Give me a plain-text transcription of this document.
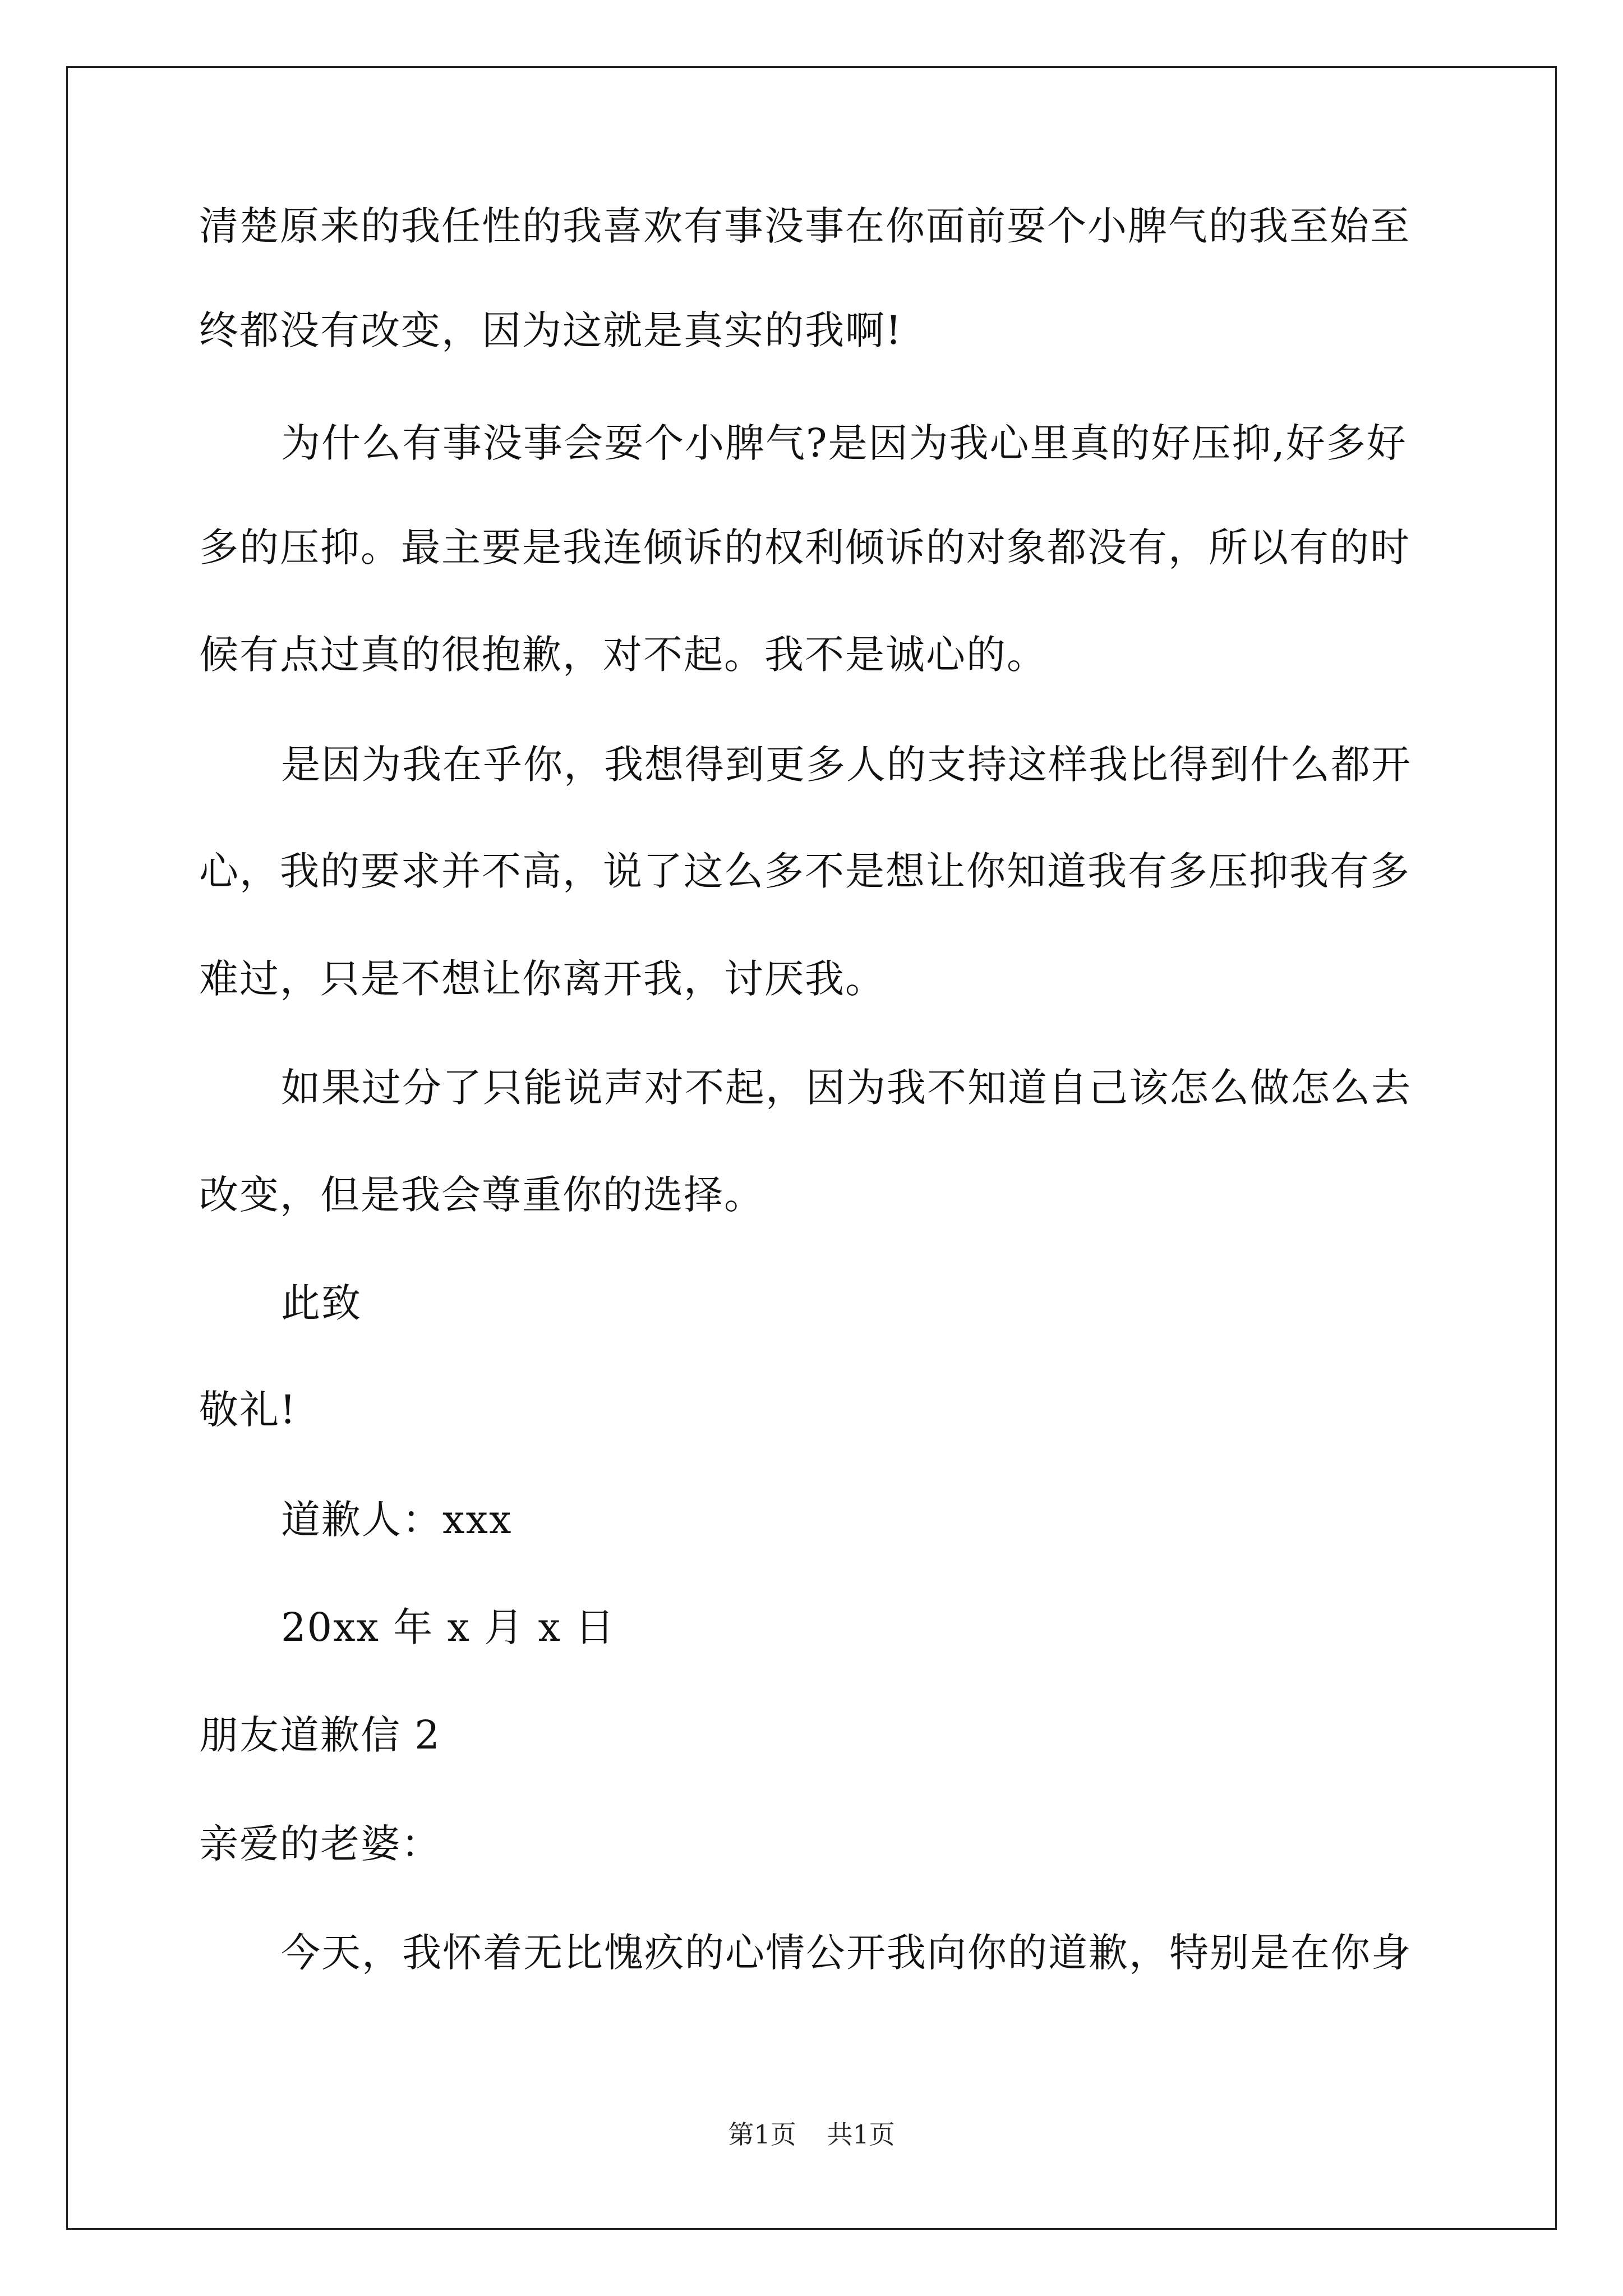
清楚原来的我任性的我喜欢有事没事在你面前耍个小脾气的我至始至
终都没有改变，因为这就是真实的我啊!
为什么有事没事会耍个小脾气?是因为我心里真的好压抑,好多好
多的压抑。最主要是我连倾诉的权利倾诉的对象都没有，所以有的时
候有点过真的很抱歉，对不起。我不是诚心的。
是因为我在乎你，我想得到更多人的支持这样我比得到什么都开
心，我的要求并不高，说了这么多不是想让你知道我有多压抑我有多
难过，只是不想让你离开我，讨厌我。
如果过分了只能说声对不起，因为我不知道自己该怎么做怎么去
改变，但是我会尊重你的选择。
此致
敬礼!
道歉人：xxx
20xx 年 x 月 x 日
朋友道歉信 2
亲爱的老婆：
今天，我怀着无比愧疚的心情公开我向你的道歉，特别是在你身
第1页 共1页
